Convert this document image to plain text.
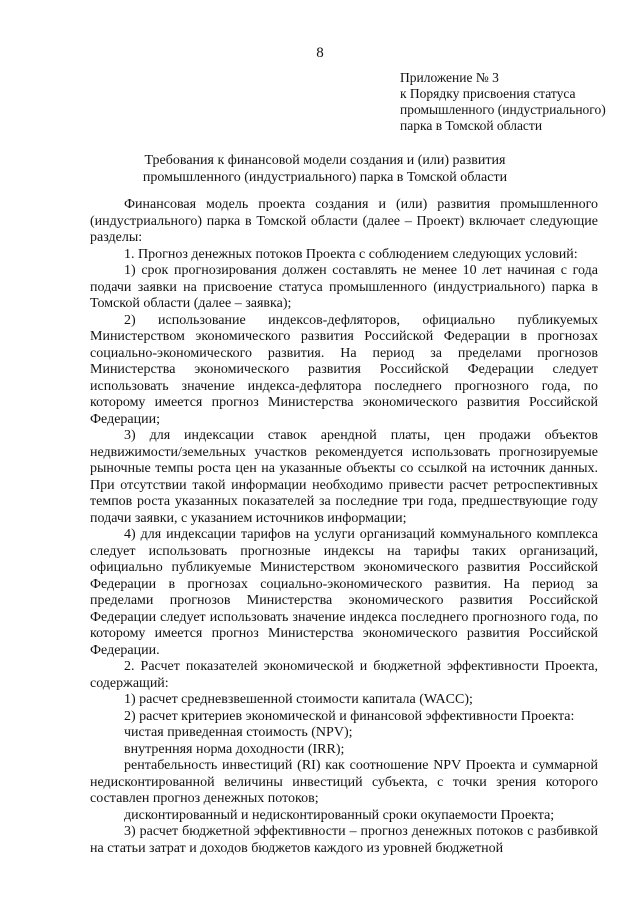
8
Приложение № 3
к Порядку присвоения статуса
промышленного (индустриального)
парка в Томской области
Требования к финансовой модели создания и (или) развития
промышленного (индустриального) парка в Томской области

Финансовая модель проекта создания и (или) развития промышленного (индустриального) парка в Томской области (далее – Проект) включает следующие разделы:

1. Прогноз денежных потоков Проекта с соблюдением следующих условий:

1) срок прогнозирования должен составлять не менее 10 лет начиная с года подачи заявки на присвоение статуса промышленного (индустриального) парка в Томской области (далее – заявка);

2) использование индексов-дефляторов, официально публикуемых Министерством экономического развития Российской Федерации в прогнозах социально-экономического развития. На период за пределами прогнозов Министерства экономического развития Российской Федерации следует использовать значение индекса-дефлятора последнего прогнозного года, по которому имеется прогноз Министерства экономического развития Российской Федерации;

3) для индексации ставок арендной платы, цен продажи объектов недвижимости/земельных участков рекомендуется использовать прогнозируемые рыночные темпы роста цен на указанные объекты со ссылкой на источник данных. При отсутствии такой информации необходимо привести расчет ретроспективных темпов роста указанных показателей за последние три года, предшествующие году подачи заявки, с указанием источников информации;

4) для индексации тарифов на услуги организаций коммунального комплекса следует использовать прогнозные индексы на тарифы таких организаций, официально публикуемые Министерством экономического развития Российской Федерации в прогнозах социально-экономического развития. На период за пределами прогнозов Министерства экономического развития Российской Федерации следует использовать значение индекса последнего прогнозного года, по которому имеется прогноз Министерства экономического развития Российской Федерации.

2. Расчет показателей экономической и бюджетной эффективности Проекта, содержащий:

1) расчет средневзвешенной стоимости капитала (WACC);

2) расчет критериев экономической и финансовой эффективности Проекта:

чистая приведенная стоимость (NPV);

внутренняя норма доходности (IRR);

рентабельность инвестиций (RI) как соотношение NPV Проекта и суммарной недисконтированной величины инвестиций субъекта, с точки зрения которого составлен прогноз денежных потоков;

дисконтированный и недисконтированный сроки окупаемости Проекта;

3) расчет бюджетной эффективности – прогноз денежных потоков с разбивкой на статьи затрат и доходов бюджетов каждого из уровней бюджетной
